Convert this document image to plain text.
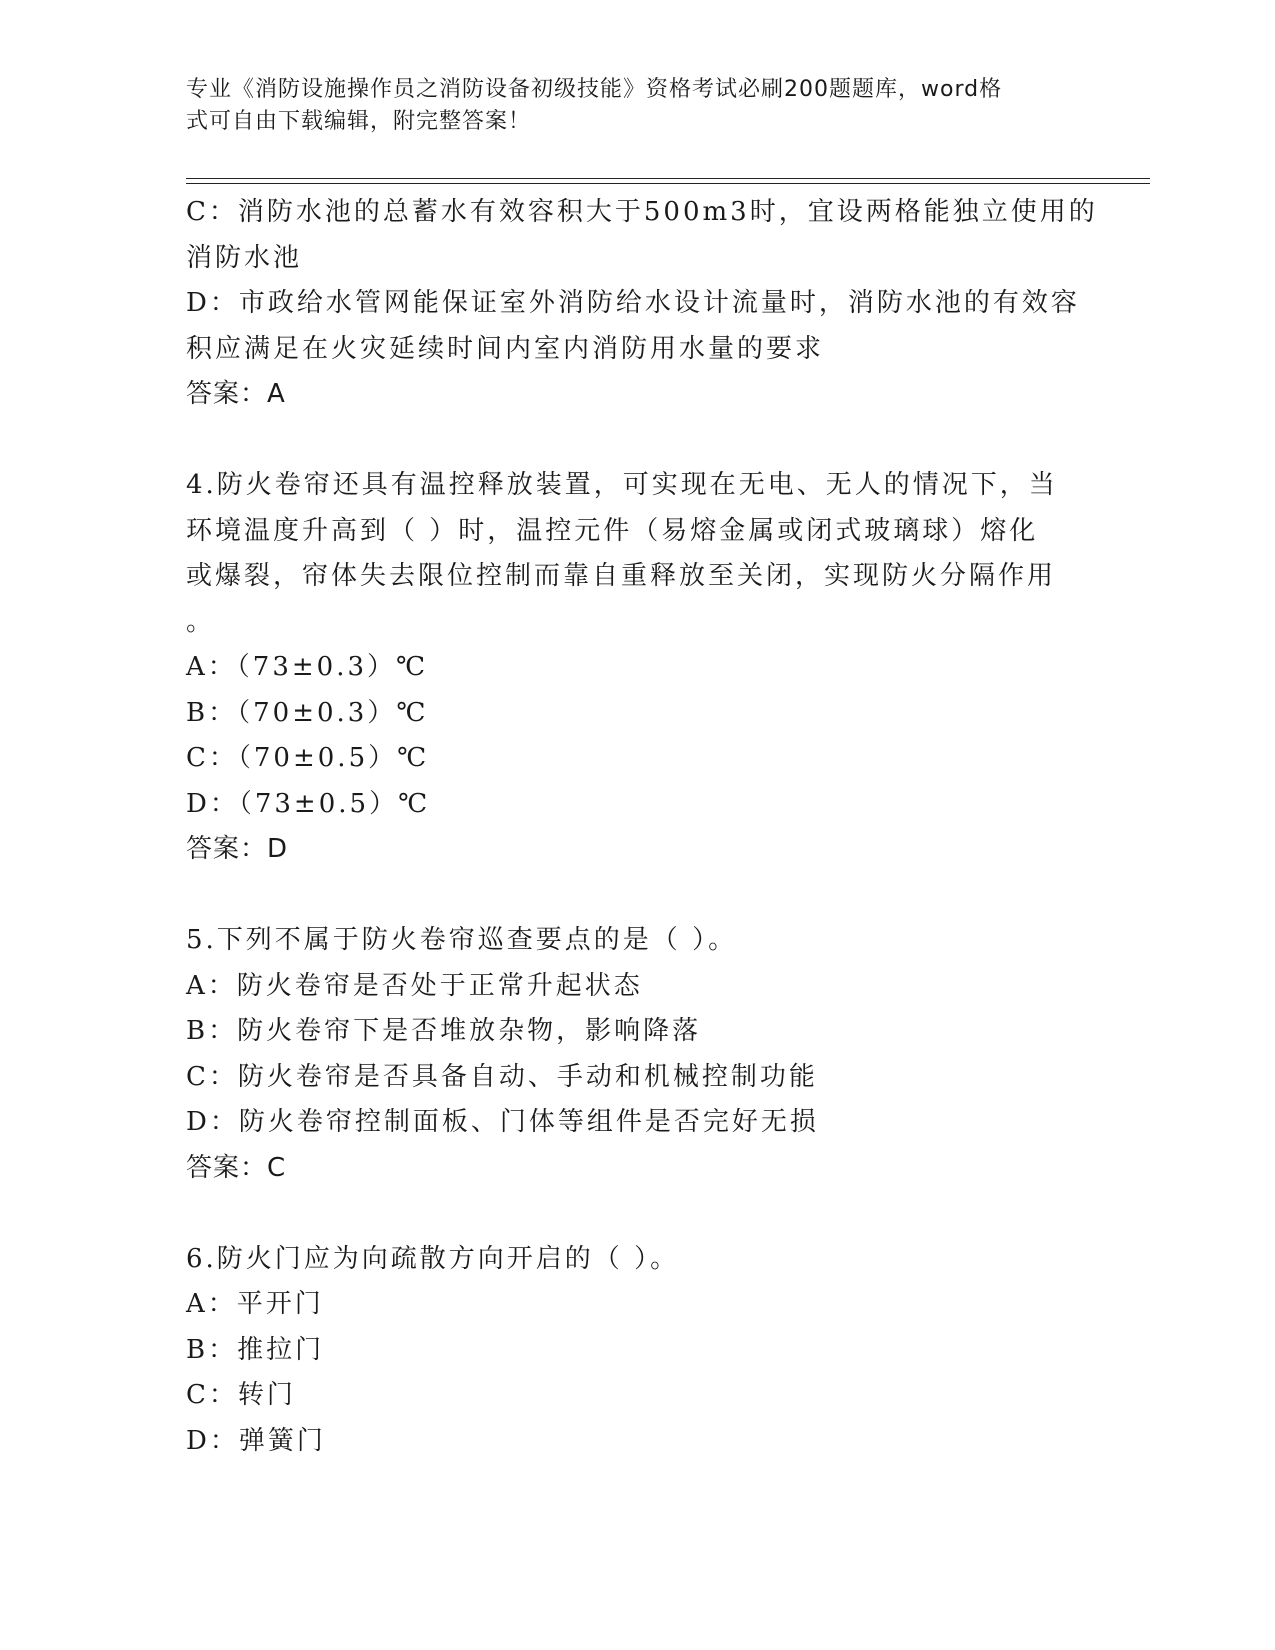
专业《消防设施操作员之消防设备初级技能》资格考试必刷200题题库，word格
式可自由下载编辑，附完整答案！
C：消防水池的总蓄水有效容积大于500m3时，宜设两格能独立使用的
消防水池
D：市政给水管网能保证室外消防给水设计流量时，消防水池的有效容
积应满足在火灾延续时间内室内消防用水量的要求
答案：A
4.防火卷帘还具有温控释放装置，可实现在无电、无人的情况下，当
环境温度升高到（ ）时，温控元件（易熔金属或闭式玻璃球）熔化
或爆裂，帘体失去限位控制而靠自重释放至关闭，实现防火分隔作用
。
A：（73±0.3）℃
B：（70±0.3）℃
C：（70±0.5）℃
D：（73±0.5）℃
答案：D
5.下列不属于防火卷帘巡查要点的是（ ）。
A：防火卷帘是否处于正常升起状态
B：防火卷帘下是否堆放杂物，影响降落
C：防火卷帘是否具备自动、手动和机械控制功能
D：防火卷帘控制面板、门体等组件是否完好无损
答案：C
6.防火门应为向疏散方向开启的（ ）。
A：平开门
B：推拉门
C：转门
D：弹簧门
